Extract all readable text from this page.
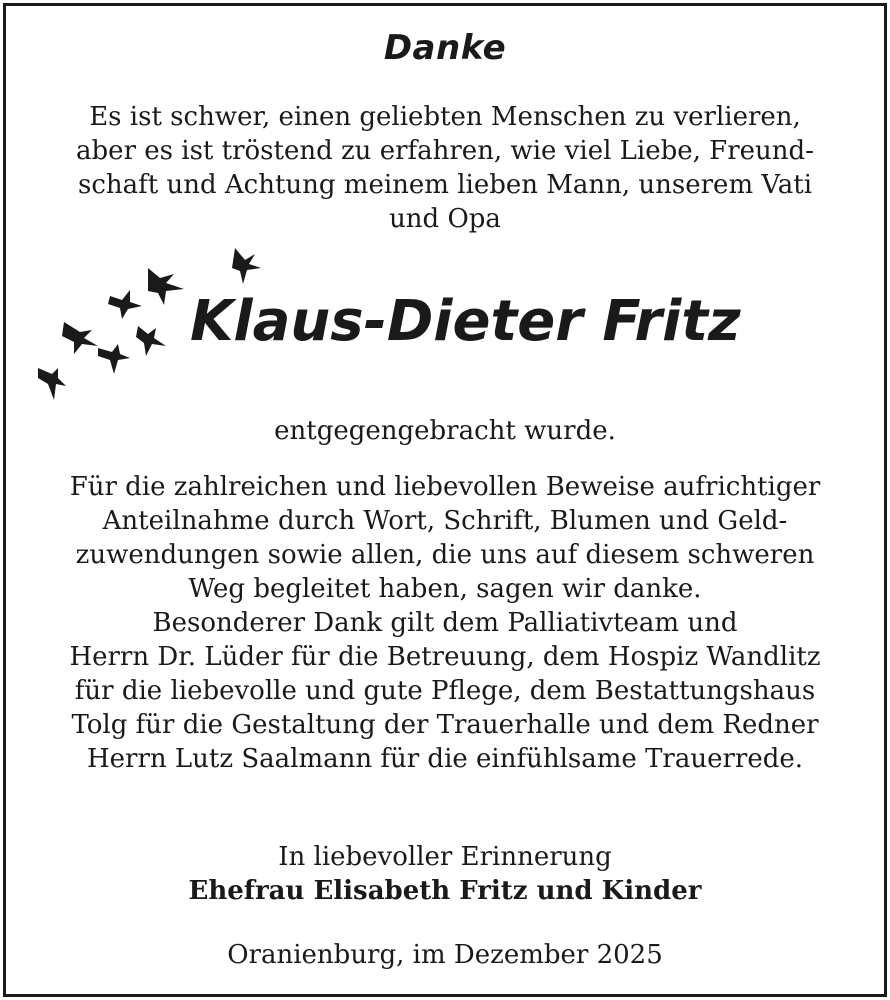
Danke
Es ist schwer, einen geliebten Menschen zu verlieren,
aber es ist tröstend zu erfahren, wie viel Liebe, Freund-
schaft und Achtung meinem lieben Mann, unserem Vati
und Opa
Klaus-Dieter Fritz
entgegengebracht wurde.
Für die zahlreichen und liebevollen Beweise aufrichtiger
Anteilnahme durch Wort, Schrift, Blumen und Geld-
zuwendungen sowie allen, die uns auf diesem schweren
Weg begleitet haben, sagen wir danke.
Besonderer Dank gilt dem Palliativteam und
Herrn Dr. Lüder für die Betreuung, dem Hospiz Wandlitz
für die liebevolle und gute Pflege, dem Bestattungshaus
Tolg für die Gestaltung der Trauerhalle und dem Redner
Herrn Lutz Saalmann für die einfühlsame Trauerrede.
In liebevoller Erinnerung
Ehefrau Elisabeth Fritz und Kinder
Oranienburg, im Dezember 2025
